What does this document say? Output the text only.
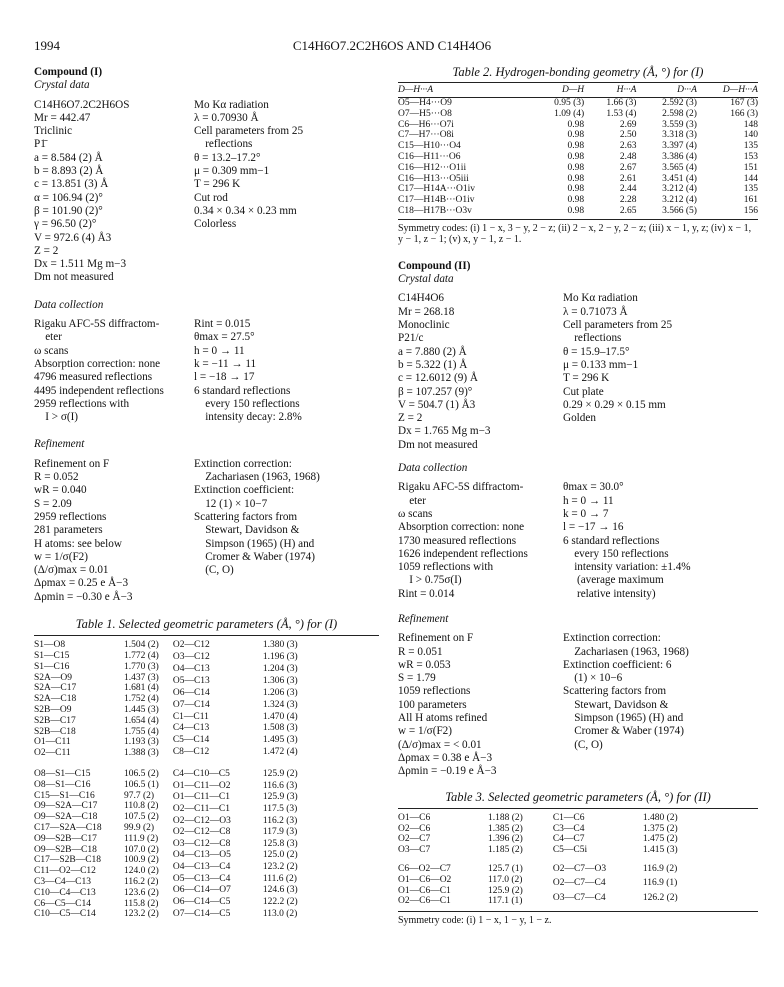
1994	C14H6O7.2C2H6OS AND C14H4O6
Compound (I)
Crystal data
C14H6O7.2C2H6OS
Mr = 442.47
Triclinic
P1̄
a = 8.584 (2) Å
b = 8.893 (2) Å
c = 13.851 (3) Å
α = 106.94 (2)°
β = 101.90 (2)°
γ = 96.50 (2)°
V = 972.6 (4) Å3
Z = 2
Dx = 1.511 Mg m−3
Dm not measured
Mo Kα radiation
λ = 0.70930 Å
Cell parameters from 25
 reflections
θ = 13.2–17.2°
μ = 0.309 mm−1
T = 296 K
Cut rod
0.34 × 0.34 × 0.23 mm
Colorless
Data collection
Rigaku AFC-5S diffractom-
 eter
ω scans
Absorption correction: none
4796 measured reflections
4495 independent reflections
2959 reflections with
 I > σ(I)
Rint = 0.015
θmax = 27.5°
h = 0 → 11
k = −11 → 11
l = −18 → 17
6 standard reflections
 every 150 reflections
 intensity decay: 2.8%
Refinement
Refinement on F
R = 0.052
wR = 0.040
S = 2.09
2959 reflections
281 parameters
H atoms: see below
w = 1/σ(F2)
(Δ/σ)max = 0.01
Δρmax = 0.25 e Å−3
Δρmin = −0.30 e Å−3
Extinction correction:
 Zachariasen (1963, 1968)
Extinction coefficient:
 12 (1) × 10−7
Scattering factors from
 Stewart, Davidson &
 Simpson (1965) (H) and
 Cromer & Waber (1974)
 (C, O)
Table 1. Selected geometric parameters (Å, °) for (I)
S1—O8	1.504 (2)
S1—C15	1.772 (4)
S1—C16	1.770 (3)
S2A—O9	1.437 (3)
S2A—C17	1.681 (4)
S2A—C18	1.752 (4)
S2B—O9	1.445 (3)
S2B—C17	1.654 (4)
S2B—C18	1.755 (4)
O1—C11	1.193 (3)
O2—C11	1.388 (3)
O2—C12	1.380 (3)
O3—C12	1.196 (3)
O4—C13	1.204 (3)
O5—C13	1.306 (3)
O6—C14	1.206 (3)
O7—C14	1.324 (3)
C1—C11	1.470 (4)
C4—C13	1.508 (3)
C5—C14	1.495 (3)
C8—C12	1.472 (4)
O8—S1—C15	106.5 (2)
O8—S1—C16	106.5 (1)
C15—S1—C16	97.7 (2)
O9—S2A—C17	110.8 (2)
O9—S2A—C18	107.5 (2)
C17—S2A—C18	99.9 (2)
O9—S2B—C17	111.9 (2)
O9—S2B—C18	107.0 (2)
C17—S2B—C18	100.9 (2)
C11—O2—C12	124.0 (2)
C3—C4—C13	116.2 (2)
C10—C4—C13	123.6 (2)
C6—C5—C14	115.8 (2)
C10—C5—C14	123.2 (2)
C4—C10—C5	125.9 (2)
O1—C11—O2	116.6 (3)
O1—C11—C1	125.9 (3)
O2—C11—C1	117.5 (3)
O2—C12—O3	116.2 (3)
O2—C12—C8	117.9 (3)
O3—C12—C8	125.8 (3)
O4—C13—O5	125.0 (2)
O4—C13—C4	123.2 (2)
O5—C13—C4	111.6 (2)
O6—C14—O7	124.6 (3)
O6—C14—C5	122.2 (2)
O7—C14—C5	113.0 (2)
Table 2. Hydrogen-bonding geometry (Å, °) for (I)
D—H···A	D—H	H···A	D···A	D—H···A
O5—H4···O9	0.95 (3)	1.66 (3)	2.592 (3)	167 (3)
O7—H5···O8	1.09 (4)	1.53 (4)	2.598 (2)	166 (3)
C6—H6···O7i	0.98	2.69	3.559 (3)	148
C7—H7···O8i	0.98	2.50	3.318 (3)	140
C15—H10···O4	0.98	2.63	3.397 (4)	135
C16—H11···O6	0.98	2.48	3.386 (4)	153
C16—H12···O1ii	0.98	2.67	3.565 (4)	151
C16—H13···O5iii	0.98	2.61	3.451 (4)	144
C17—H14A···O1iv	0.98	2.44	3.212 (4)	135
C17—H14B···O1iv	0.98	2.28	3.212 (4)	161
C18—H17B···O3v	0.98	2.65	3.566 (5)	156
Symmetry codes: (i) 1 − x, 3 − y, 2 − z; (ii) 2 − x, 2 − y, 2 − z; (iii) x − 1, y, z; (iv) x − 1, y − 1, z − 1; (v) x, y − 1, z − 1.
Compound (II)
Crystal data
C14H4O6
Mr = 268.18
Monoclinic
P21/c
a = 7.880 (2) Å
b = 5.322 (1) Å
c = 12.6012 (9) Å
β = 107.257 (9)°
V = 504.7 (1) Å3
Z = 2
Dx = 1.765 Mg m−3
Dm not measured
Mo Kα radiation
λ = 0.71073 Å
Cell parameters from 25
 reflections
θ = 15.9–17.5°
μ = 0.133 mm−1
T = 296 K
Cut plate
0.29 × 0.29 × 0.15 mm
Golden
Data collection
Rigaku AFC-5S diffractom-
 eter
ω scans
Absorption correction: none
1730 measured reflections
1626 independent reflections
1059 reflections with
 I > 0.75σ(I)
Rint = 0.014
θmax = 30.0°
h = 0 → 11
k = 0 → 7
l = −17 → 16
6 standard reflections
 every 150 reflections
 intensity variation: ±1.4%
  (average maximum
  relative intensity)
Refinement
Refinement on F
R = 0.051
wR = 0.053
S = 1.79
1059 reflections
100 parameters
All H atoms refined
w = 1/σ(F2)
(Δ/σ)max = < 0.01
Δρmax = 0.38 e Å−3
Δρmin = −0.19 e Å−3
Extinction correction:
 Zachariasen (1963, 1968)
Extinction coefficient: 6
 (1) × 10−6
Scattering factors from
 Stewart, Davidson &
 Simpson (1965) (H) and
 Cromer & Waber (1974)
 (C, O)
Table 3. Selected geometric parameters (Å, °) for (II)
O1—C6	1.188 (2)
O2—C6	1.385 (2)
O2—C7	1.396 (2)
O3—C7	1.185 (2)
C1—C6	1.480 (2)
C3—C4	1.375 (2)
C4—C7	1.475 (2)
C5—C5i	1.415 (3)
C6—O2—C7	125.7 (1)
O1—C6—O2	117.0 (2)
O1—C6—C1	125.9 (2)
O2—C6—C1	117.1 (1)
O2—C7—O3	116.9 (2)
O2—C7—C4	116.9 (1)
O3—C7—C4	126.2 (2)
Symmetry code: (i) 1 − x, 1 − y, 1 − z.
